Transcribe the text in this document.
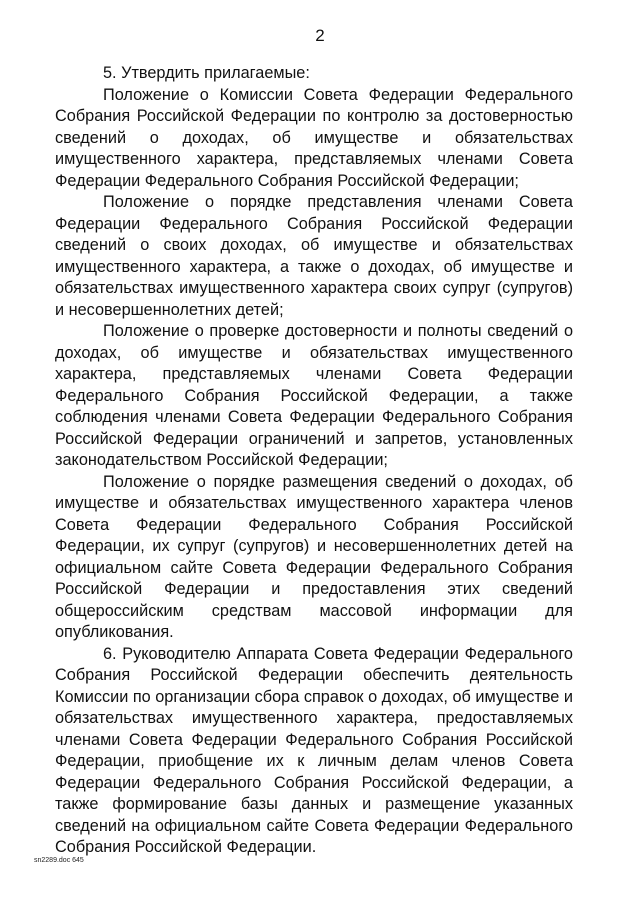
2

5. Утвердить прилагаемые:

Положение о Комиссии Совета Федерации Федерального Собрания Российской Федерации по контролю за достоверностью сведений о доходах, об имуществе и обязательствах имущественного характера, представляемых членами Совета Федерации Федерального Собрания Российской Федерации;

Положение о порядке представления членами Совета Федерации Федерального Собрания Российской Федерации сведений о своих доходах, об имуществе и обязательствах имущественного характера, а также о доходах, об имуществе и обязательствах имущественного характера своих супруг (супругов) и несовершеннолетних детей;

Положение о проверке достоверности и полноты сведений о доходах, об имуществе и обязательствах имущественного характера, представляемых членами Совета Федерации Федерального Собрания Российской Федерации, а также соблюдения членами Совета Федерации Федерального Собрания Российской Федерации ограничений и запретов, установленных законодательством Российской Федерации;

Положение о порядке размещения сведений о доходах, об имуществе и обязательствах имущественного характера членов Совета Федерации Федерального Собрания Российской Федерации, их супруг (супругов) и несовершеннолетних детей на официальном сайте Совета Федерации Федерального Собрания Российской Федерации и предоставления этих сведений общероссийским средствам массовой информации для опубликования.

6. Руководителю Аппарата Совета Федерации Федерального Собрания Российской Федерации обеспечить деятельность Комиссии по организации сбора справок о доходах, об имуществе и обязательствах имущественного характера, предоставляемых членами Совета Федерации Федерального Собрания Российской Федерации, приобщение их к личным делам членов Совета Федерации Федерального Собрания Российской Федерации, а также формирование базы данных и размещение указанных сведений на официальном сайте Совета Федерации Федерального Собрания Российской Федерации.

sn2289.doc 645
